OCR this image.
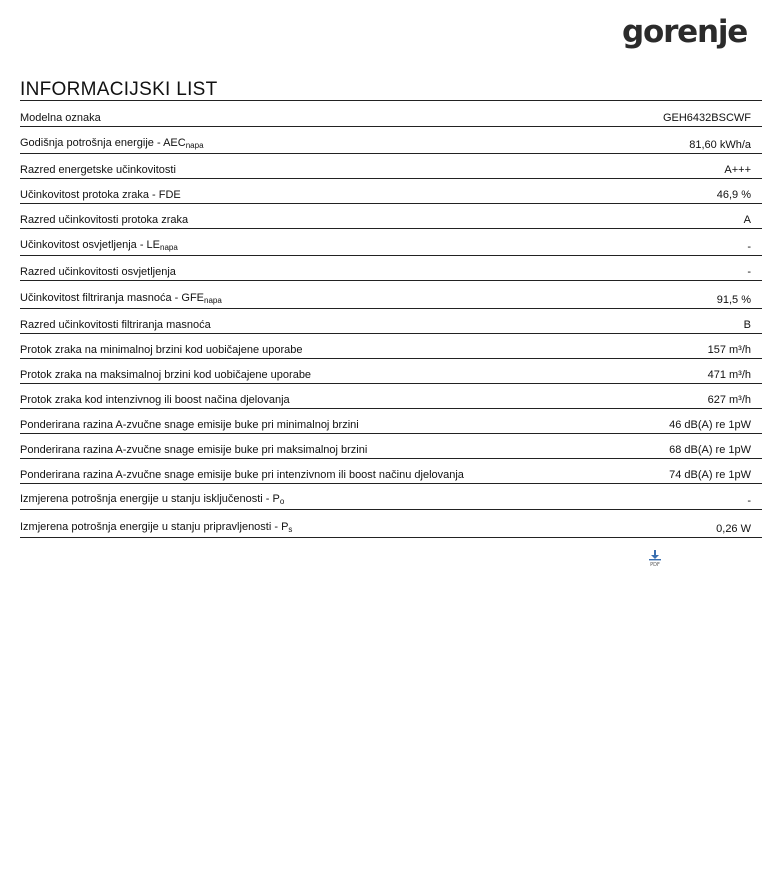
gorenje
INFORMACIJSKI LIST
Modelna oznaka	GEH6432BSCWF
Godišnja potrošnja energije - $AEC_{napa}$	81,60 kWh/a
Razred energetske učinkovitosti	A+++
Učinkovitost protoka zraka - FDE	46,9 %
Razred učinkovitosti protoka zraka	A
Učinkovitost osvjetljenja - $LE_{napa}$	-
Razred učinkovitosti osvjetljenja	-
Učinkovitost filtriranja masnoća - $GFE_{napa}$	91,5 %
Razred učinkovitosti filtriranja masnoća	B
Protok zraka na minimalnoj brzini kod uobičajene uporabe	157 m³/h
Protok zraka na maksimalnoj brzini kod uobičajene uporabe	471 m³/h
Protok zraka kod intenzivnog ili boost načina djelovanja	627 m³/h
Ponderirana razina A-zvučne snage emisije buke pri minimalnoj brzini	46 dB(A) re 1pW
Ponderirana razina A-zvučne snage emisije buke pri maksimalnoj brzini	68 dB(A) re 1pW
Ponderirana razina A-zvučne snage emisije buke pri intenzivnom ili boost načinu djelovanja	74 dB(A) re 1pW
Izmjerena potrošnja energije u stanju isključenosti - $P_o$	-
Izmjerena potrošnja energije u stanju pripravljenosti - $P_s$	0,26 W
PDF
